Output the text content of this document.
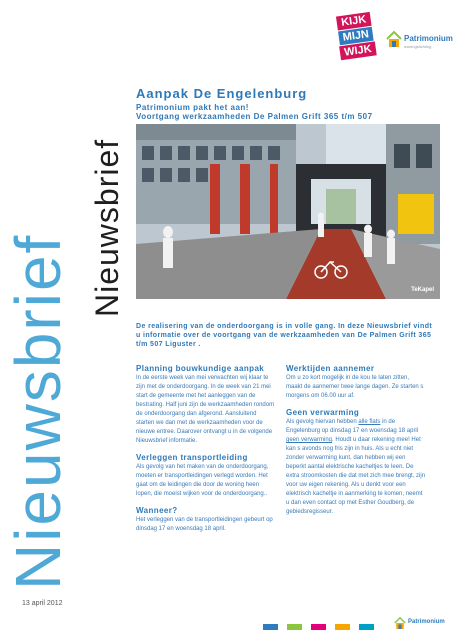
Nieuwsbrief
Nieuwsbrief
KIJK
MIJN
WIJK
Patrimonium
woningstichting
Aanpak De Engelenburg
Patrimonium pakt het aan!
Voortgang werkzaamheden De Palmen Grift 365 t/m 507
TeKapel
De realisering van de onderdoorgang is in volle gang. In deze Nieuwsbrief vindt u informatie over de voortgang van de werkzaamheden van De Palmen Grift 365 t/m 507 Liguster .
Planning bouwkundige aanpak

In de eerste week van mei verwachten wij klaar te zijn met de onderdoorgang. In de week van 21 mei start de gemeente met het aanleggen van de bestrating. Half juni zijn de werkzaamheden rondom de onderdoorgang dan afgerond. Aansluitend starten we dan met de werkzaamheden voor de nieuwe entree. Daarover ontvangt u in de volgende Nieuwsbrief informatie.

Verleggen transportleiding

Als gevolg van het maken van de onderdoorgang, moeten er transportleidingen verlegd worden. Het gaat om de leidingen die door de woning heen lopen, die moeist wijken voor de onderdoorgang..

Wanneer?

Het verleggen van de transportleidingen gebeurt op dinsdag 17 en woensdag 18 april.

Werktijden aannemer

Om u zo kort mogelijk in de kou te laten zitten, maakt de aannemer twee lange dagen. Ze starten s morgens om 06.00 uur af.

Geen verwarming

Als gevolg hiervan hebben alle flats in de Engelenburg op dinsdag 17 en woensdag 18 april geen verwarming. Houdt u daar rekening mee! Het kan s avonds nog fris zijn in huis. Als u echt niet zonder verwarming kunt, dan hebben wij een beperkt aantal elektrische kacheltjes te leen. De extra stroomkosten die dat met zich mee brengt, zijn voor uw eigen rekening. Als u denkt voor een elektrisch kacheltje in aanmerking te komen, neemt u dan even contact op met Esther Goudberg, de gebiedsregisseur.

13 april 2012
Patrimonium
